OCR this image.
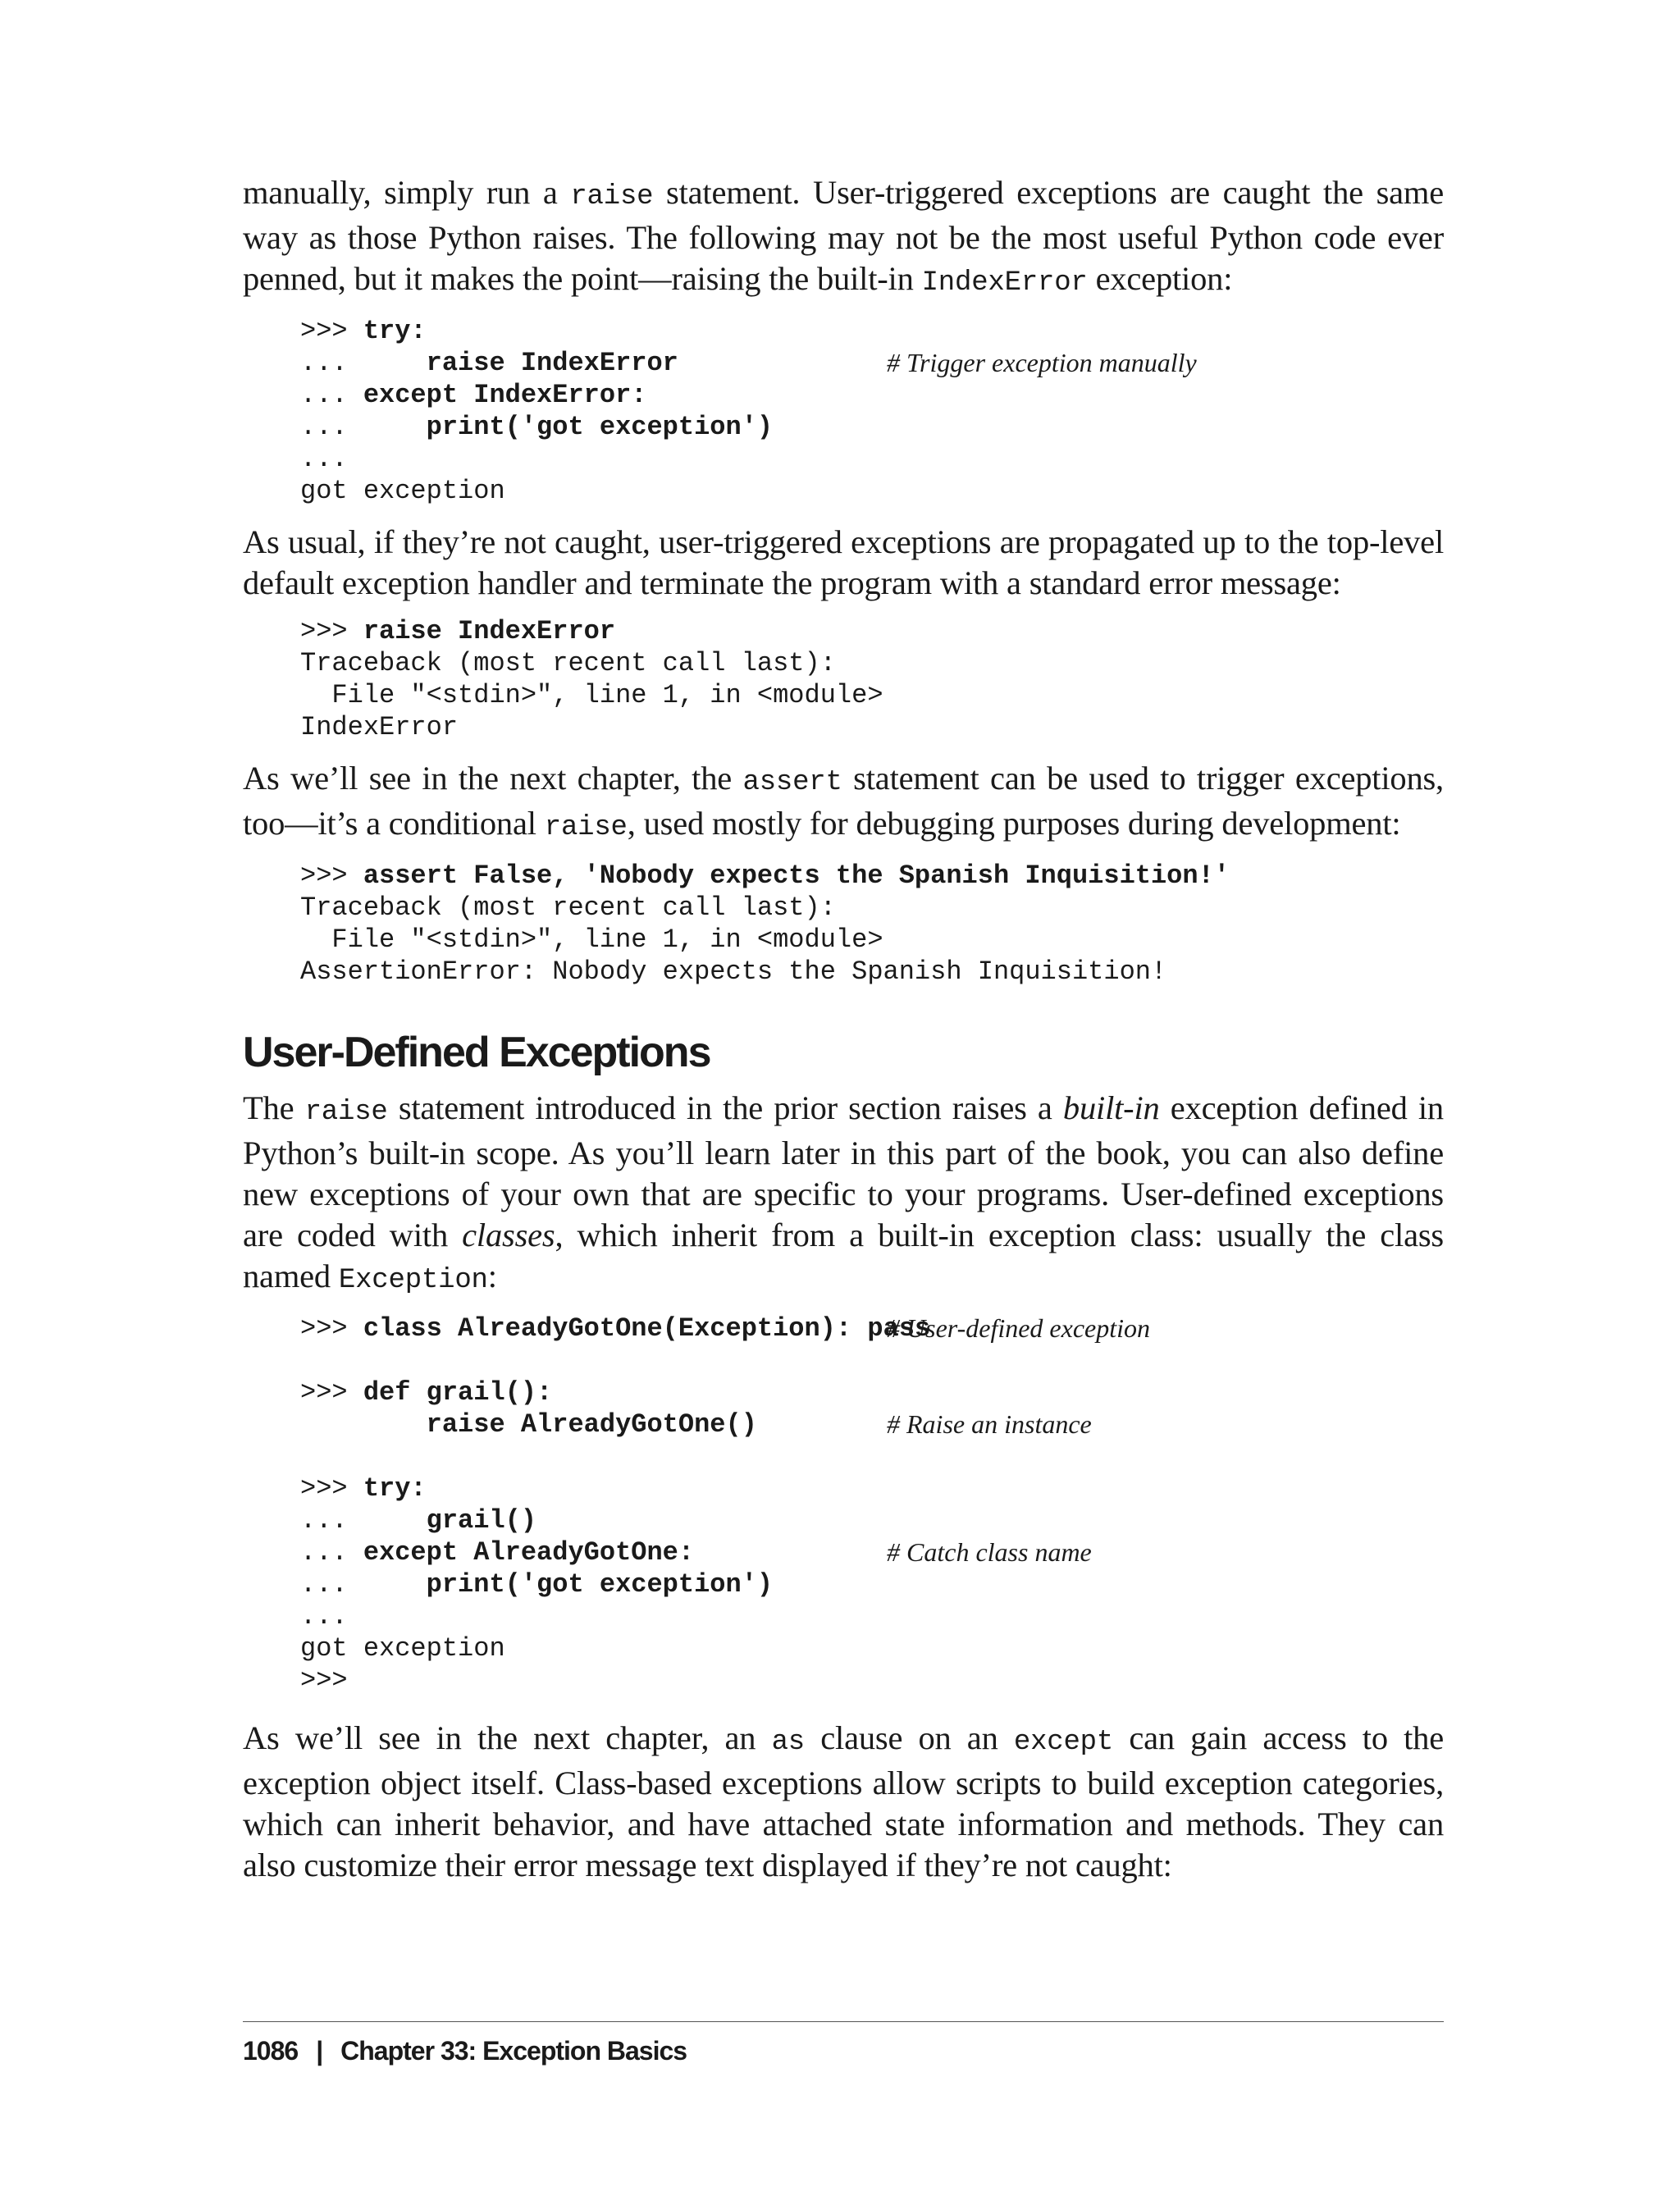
manually, simply run a raise statement. User-triggered exceptions are caught the same way as those Python raises. The following may not be the most useful Python code ever penned, but it makes the point—raising the built-in IndexError exception:

>>> try:
...     raise IndexError	# Trigger exception manually
... except IndexError:
...     print('got exception')
...
got exception

As usual, if they’re not caught, user-triggered exceptions are propagated up to the top-level default exception handler and terminate the program with a standard error message:

>>> raise IndexError
Traceback (most recent call last):
File "<stdin>", line 1, in <module>
IndexError

As we’ll see in the next chapter, the assert statement can be used to trigger exceptions, too—it’s a conditional raise, used mostly for debugging purposes during development:

>>> assert False, 'Nobody expects the Spanish Inquisition!'
Traceback (most recent call last):
File "<stdin>", line 1, in <module>
AssertionError: Nobody expects the Spanish Inquisition!
User-Defined Exceptions

The raise statement introduced in the prior section raises a built-in exception defined in Python’s built-in scope. As you’ll learn later in this part of the book, you can also define new exceptions of your own that are specific to your programs. User-defined exceptions are coded with classes, which inherit from a built-in exception class: usually the class named Exception:

>>> class AlreadyGotOne(Exception): pass
# User-defined exception
>>> def grail():
raise AlreadyGotOne()	# Raise an instance
>>> try:
...     grail()
... except AlreadyGotOne:	# Catch class name
...     print('got exception')
...
got exception
>>>

As we’ll see in the next chapter, an as clause on an except can gain access to the exception object itself. Class-based exceptions allow scripts to build exception categories, which can inherit behavior, and have attached state information and methods. They can also customize their error message text displayed if they’re not caught:

1086 | Chapter 33: Exception Basics
